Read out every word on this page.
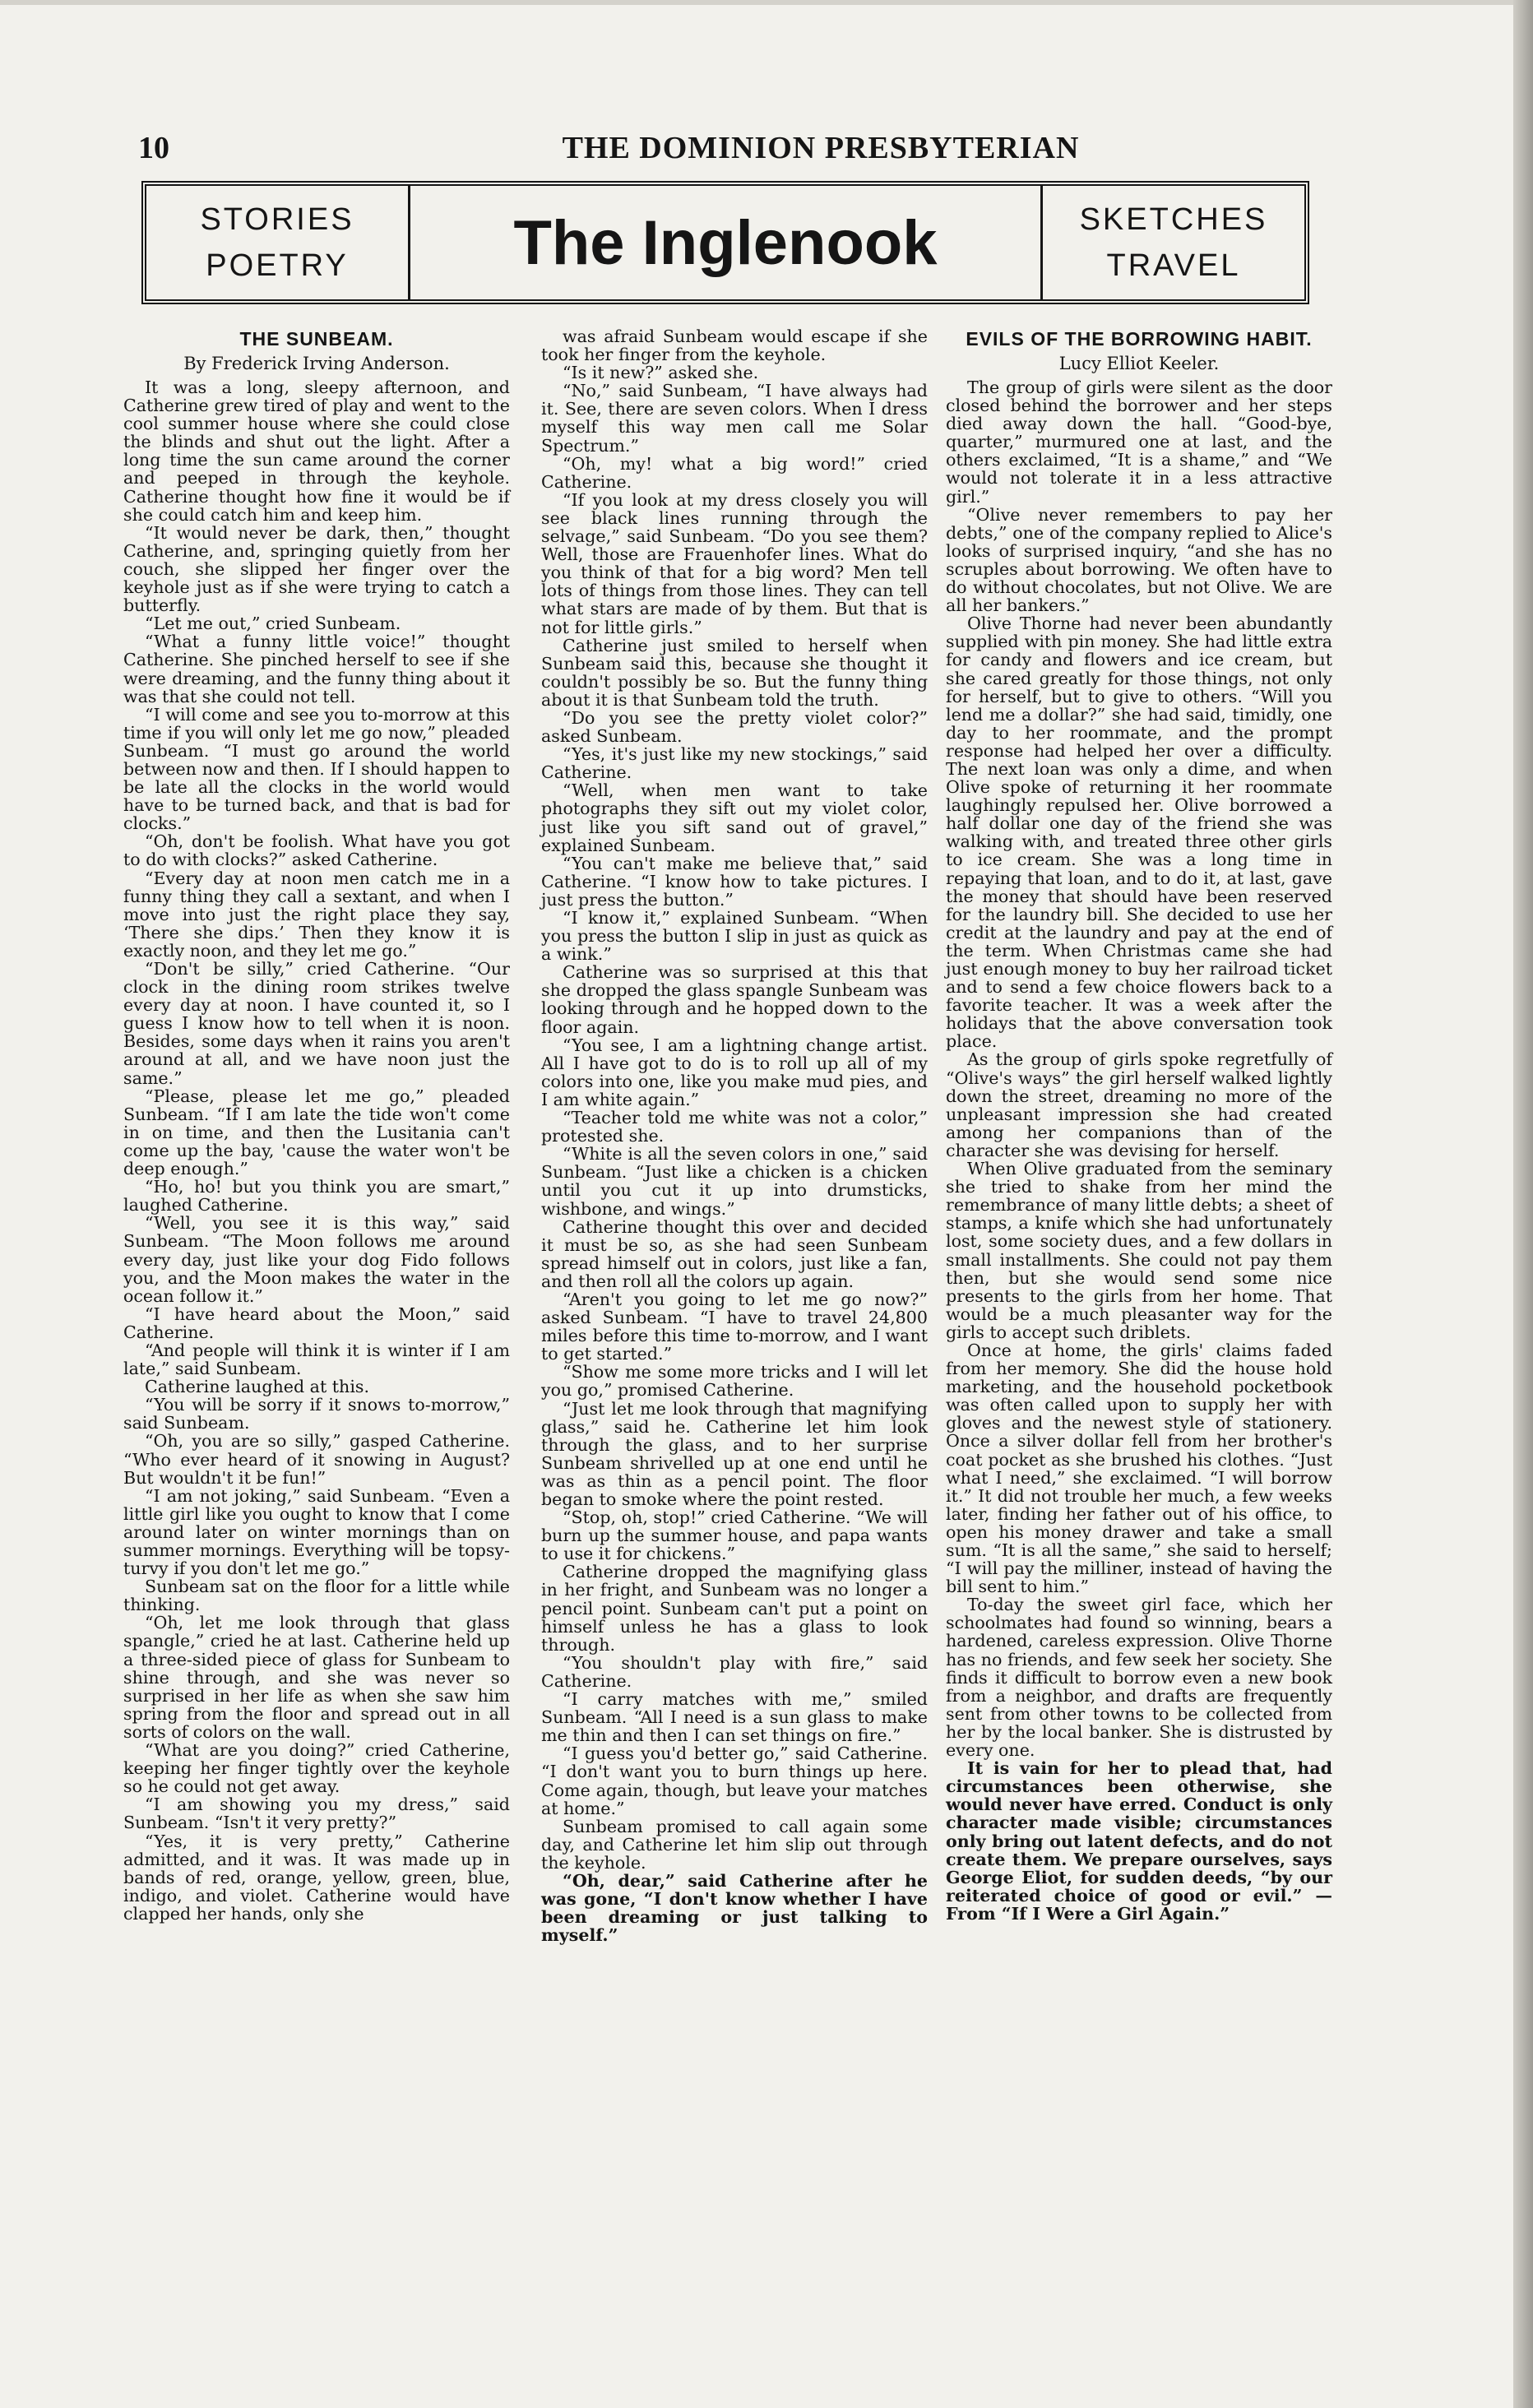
10	THE DOMINION PRESBYTERIAN
STORIES
POETRY	The Inglenook	SKETCHES
TRAVEL
THE SUNBEAM.
By Frederick Irving Anderson.

It was a long, sleepy afternoon, and Catherine grew tired of play and went to the cool summer house where she could close the blinds and shut out the light. After a long time the sun came around the corner and peeped in through the keyhole. Catherine thought how fine it would be if she could catch him and keep him.

“It would never be dark, then,” thought Catherine, and, springing quietly from her couch, she slipped her finger over the keyhole just as if she were trying to catch a butterfly.

“Let me out,” cried Sunbeam.

“What a funny little voice!” thought Catherine. She pinched herself to see if she were dreaming, and the funny thing about it was that she could not tell.

“I will come and see you to-morrow at this time if you will only let me go now,” pleaded Sunbeam. “I must go around the world between now and then. If I should happen to be late all the clocks in the world would have to be turned back, and that is bad for clocks.”

“Oh, don't be foolish. What have you got to do with clocks?” asked Catherine.

“Every day at noon men catch me in a funny thing they call a sextant, and when I move into just the right place they say, ‘There she dips.’ Then they know it is exactly noon, and they let me go.”

“Don't be silly,” cried Catherine. “Our clock in the dining room strikes twelve every day at noon. I have counted it, so I guess I know how to tell when it is noon. Besides, some days when it rains you aren't around at all, and we have noon just the same.”

“Please, please let me go,” pleaded Sunbeam. “If I am late the tide won't come in on time, and then the Lusitania can't come up the bay, 'cause the water won't be deep enough.”

“Ho, ho! but you think you are smart,” laughed Catherine.

“Well, you see it is this way,” said Sunbeam. “The Moon follows me around every day, just like your dog Fido follows you, and the Moon makes the water in the ocean follow it.”

“I have heard about the Moon,” said Catherine.

“And people will think it is winter if I am late,” said Sunbeam.

Catherine laughed at this.

“You will be sorry if it snows to-morrow,” said Sunbeam.

“Oh, you are so silly,” gasped Catherine. “Who ever heard of it snowing in August? But wouldn't it be fun!”

“I am not joking,” said Sunbeam. “Even a little girl like you ought to know that I come around later on winter mornings than on summer mornings. Everything will be topsy-turvy if you don't let me go.”

Sunbeam sat on the floor for a little while thinking.

“Oh, let me look through that glass spangle,” cried he at last. Catherine held up a three-sided piece of glass for Sunbeam to shine through, and she was never so surprised in her life as when she saw him spring from the floor and spread out in all sorts of colors on the wall.

“What are you doing?” cried Catherine, keeping her finger tightly over the keyhole so he could not get away.

“I am showing you my dress,” said Sunbeam. “Isn't it very pretty?”

“Yes, it is very pretty,” Catherine admitted, and it was. It was made up in bands of red, orange, yellow, green, blue, indigo, and violet. Catherine would have clapped her hands, only she

was afraid Sunbeam would escape if she took her finger from the keyhole.

“Is it new?” asked she.

“No,” said Sunbeam, “I have always had it. See, there are seven colors. When I dress myself this way men call me Solar Spectrum.”

“Oh, my! what a big word!” cried Catherine.

“If you look at my dress closely you will see black lines running through the selvage,” said Sunbeam. “Do you see them? Well, those are Frauenhofer lines. What do you think of that for a big word? Men tell lots of things from those lines. They can tell what stars are made of by them. But that is not for little girls.”

Catherine just smiled to herself when Sunbeam said this, because she thought it couldn't possibly be so. But the funny thing about it is that Sunbeam told the truth.

“Do you see the pretty violet color?” asked Sunbeam.

“Yes, it's just like my new stockings,” said Catherine.

“Well, when men want to take photographs they sift out my violet color, just like you sift sand out of gravel,” explained Sunbeam.

“You can't make me believe that,” said Catherine. “I know how to take pictures. I just press the button.”

“I know it,” explained Sunbeam. “When you press the button I slip in just as quick as a wink.”

Catherine was so surprised at this that she dropped the glass spangle Sunbeam was looking through and he hopped down to the floor again.

“You see, I am a lightning change artist. All I have got to do is to roll up all of my colors into one, like you make mud pies, and I am white again.”

“Teacher told me white was not a color,” protested she.

“White is all the seven colors in one,” said Sunbeam. “Just like a chicken is a chicken until you cut it up into drumsticks, wishbone, and wings.”

Catherine thought this over and decided it must be so, as she had seen Sunbeam spread himself out in colors, just like a fan, and then roll all the colors up again.

“Aren't you going to let me go now?” asked Sunbeam. “I have to travel 24,800 miles before this time to-morrow, and I want to get started.”

“Show me some more tricks and I will let you go,” promised Catherine.

“Just let me look through that magnifying glass,” said he. Catherine let him look through the glass, and to her surprise Sunbeam shrivelled up at one end until he was as thin as a pencil point. The floor began to smoke where the point rested.

“Stop, oh, stop!” cried Catherine. “We will burn up the summer house, and papa wants to use it for chickens.”

Catherine dropped the magnifying glass in her fright, and Sunbeam was no longer a pencil point. Sunbeam can't put a point on himself unless he has a glass to look through.

“You shouldn't play with fire,” said Catherine.

“I carry matches with me,” smiled Sunbeam. “All I need is a sun glass to make me thin and then I can set things on fire.”

“I guess you'd better go,” said Catherine. “I don't want you to burn things up here. Come again, though, but leave your matches at home.”

Sunbeam promised to call again some day, and Catherine let him slip out through the keyhole.

“Oh, dear,” said Catherine after he was gone, “I don't know whether I have been dreaming or just talking to myself.”

EVILS OF THE BORROWING HABIT.
Lucy Elliot Keeler.

The group of girls were silent as the door closed behind the borrower and her steps died away down the hall. “Good-bye, quarter,” murmured one at last, and the others exclaimed, “It is a shame,” and “We would not tolerate it in a less attractive girl.”

“Olive never remembers to pay her debts,” one of the company replied to Alice's looks of surprised inquiry, “and she has no scruples about borrowing. We often have to do without chocolates, but not Olive. We are all her bankers.”

Olive Thorne had never been abundantly supplied with pin money. She had little extra for candy and flowers and ice cream, but she cared greatly for those things, not only for herself, but to give to others. “Will you lend me a dollar?” she had said, timidly, one day to her roommate, and the prompt response had helped her over a difficulty. The next loan was only a dime, and when Olive spoke of returning it her roommate laughingly repulsed her. Olive borrowed a half dollar one day of the friend she was walking with, and treated three other girls to ice cream. She was a long time in repaying that loan, and to do it, at last, gave the money that should have been reserved for the laundry bill. She decided to use her credit at the laundry and pay at the end of the term. When Christmas came she had just enough money to buy her railroad ticket and to send a few choice flowers back to a favorite teacher. It was a week after the holidays that the above conversation took place.

As the group of girls spoke regretfully of “Olive's ways” the girl herself walked lightly down the street, dreaming no more of the unpleasant impression she had created among her companions than of the character she was devising for herself.

When Olive graduated from the seminary she tried to shake from her mind the remembrance of many little debts; a sheet of stamps, a knife which she had unfortunately lost, some society dues, and a few dollars in small installments. She could not pay them then, but she would send some nice presents to the girls from her home. That would be a much pleasanter way for the girls to accept such driblets.

Once at home, the girls' claims faded from her memory. She did the house hold marketing, and the household pocketbook was often called upon to supply her with gloves and the newest style of stationery. Once a silver dollar fell from her brother's coat pocket as she brushed his clothes. “Just what I need,” she exclaimed. “I will borrow it.” It did not trouble her much, a few weeks later, finding her father out of his office, to open his money drawer and take a small sum. “It is all the same,” she said to herself; “I will pay the milliner, instead of having the bill sent to him.”

To-day the sweet girl face, which her schoolmates had found so winning, bears a hardened, careless expression. Olive Thorne has no friends, and few seek her society. She finds it difficult to borrow even a new book from a neighbor, and drafts are frequently sent from other towns to be collected from her by the local banker. She is distrusted by every one.

It is vain for her to plead that, had circumstances been otherwise, she would never have erred. Conduct is only character made visible; circumstances only bring out latent defects, and do not create them. We prepare ourselves, says George Eliot, for sudden deeds, “by our reiterated choice of good or evil.” —From “If I Were a Girl Again.”
